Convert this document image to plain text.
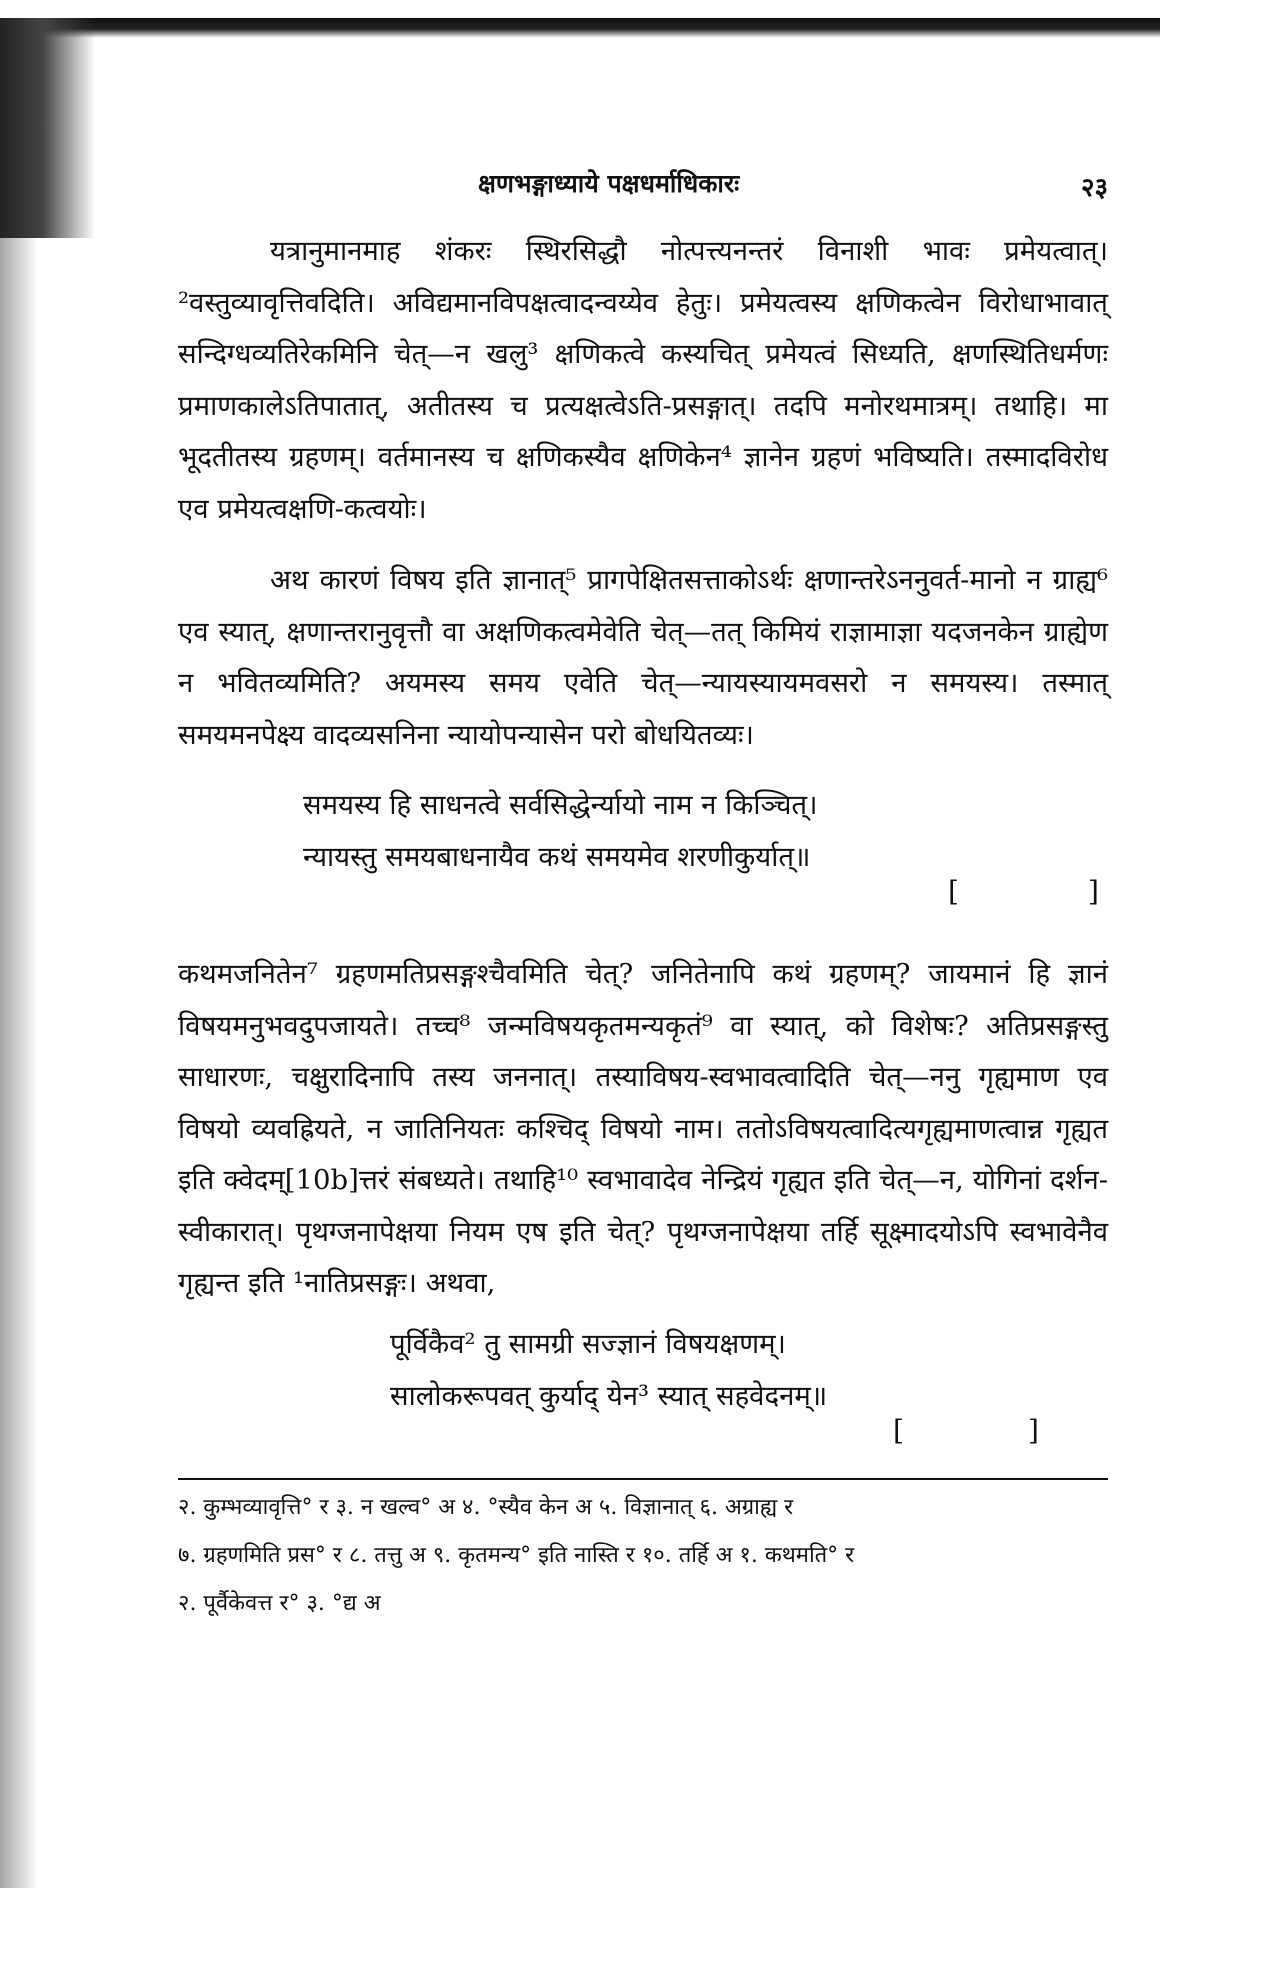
क्षणभङ्गाध्याये पक्षधर्माधिकारः	२३

यत्रानुमानमाह शंकरः स्थिरसिद्धौ नोत्पत्त्यनन्तरं विनाशी भावः प्रमेयत्वात्। ²वस्तुव्यावृत्तिवदिति। अविद्यमानविपक्षत्वादन्वय्येव हेतुः। प्रमेयत्वस्य क्षणिकत्वेन विरोधाभावात् सन्दिग्धव्यतिरेकमिनि चेत्—न खलु³ क्षणिकत्वे कस्यचित् प्रमेयत्वं सिध्यति, क्षणस्थितिधर्मणः प्रमाणकालेऽतिपातात्, अतीतस्य च प्रत्यक्षत्वेऽति-प्रसङ्गात्। तदपि मनोरथमात्रम्। तथाहि। मा भूदतीतस्य ग्रहणम्। वर्तमानस्य च क्षणिकस्यैव क्षणिकेन⁴ ज्ञानेन ग्रहणं भविष्यति। तस्मादविरोध एव प्रमेयत्वक्षणि-कत्वयोः।

अथ कारणं विषय इति ज्ञानात्⁵ प्रागपेक्षितसत्ताकोऽर्थः क्षणान्तरेऽननुवर्त-मानो न ग्राह्य⁶ एव स्यात्, क्षणान्तरानुवृत्तौ वा अक्षणिकत्वमेवेति चेत्—तत् किमियं राज्ञामाज्ञा यदजनकेन ग्राह्येण न भवितव्यमिति? अयमस्य समय एवेति चेत्—न्यायस्यायमवसरो न समयस्य। तस्मात् समयमनपेक्ष्य वादव्यसनिना न्यायोपन्यासेन परो बोधयितव्यः।

समयस्य हि साधनत्वे सर्वसिद्धेर्न्यायो नाम न किञ्चित्।
न्यायस्तु समयबाधनायैव कथं समयमेव शरणीकुर्यात्॥
[	]

कथमजनितेन⁷ ग्रहणमतिप्रसङ्गश्चैवमिति चेत्? जनितेनापि कथं ग्रहणम्? जायमानं हि ज्ञानं विषयमनुभवदुपजायते। तच्च⁸ जन्मविषयकृतमन्यकृतं⁹ वा स्यात्, को विशेषः? अतिप्रसङ्गस्तु साधारणः, चक्षुरादिनापि तस्य जननात्। तस्याविषय-स्वभावत्वादिति चेत्—ननु गृह्यमाण एव विषयो व्यवह्रियते, न जातिनियतः कश्चिद् विषयो नाम। ततोऽविषयत्वादित्यगृह्यमाणत्वान्न गृह्यत इति क्वेदम्[10b]त्तरं संबध्यते। तथाहि¹⁰ स्वभावादेव नेन्द्रियं गृह्यत इति चेत्—न, योगिनां दर्शन-स्वीकारात्। पृथग्जनापेक्षया नियम एष इति चेत्? पृथग्जनापेक्षया तर्हि सूक्ष्मादयोऽपि स्वभावेनैव गृह्यन्त इति ¹नातिप्रसङ्गः। अथवा,

पूर्विकैव² तु सामग्री सज्ज्ञानं विषयक्षणम्।
सालोकरूपवत् कुर्याद् येन³ स्यात् सहवेदनम्॥
[	]
२. कुम्भव्यावृत्ति° र ३. न खल्व° अ ४. °स्यैव केन अ ५. विज्ञानात् ६. अग्राह्य र
७. ग्रहणमिति प्रस° र ८. तत्तु अ ९. कृतमन्य° इति नास्ति र १०. तर्हि अ १. कथमति° र
२. पूर्वैकेवत्त र° ३. °द्य अ
